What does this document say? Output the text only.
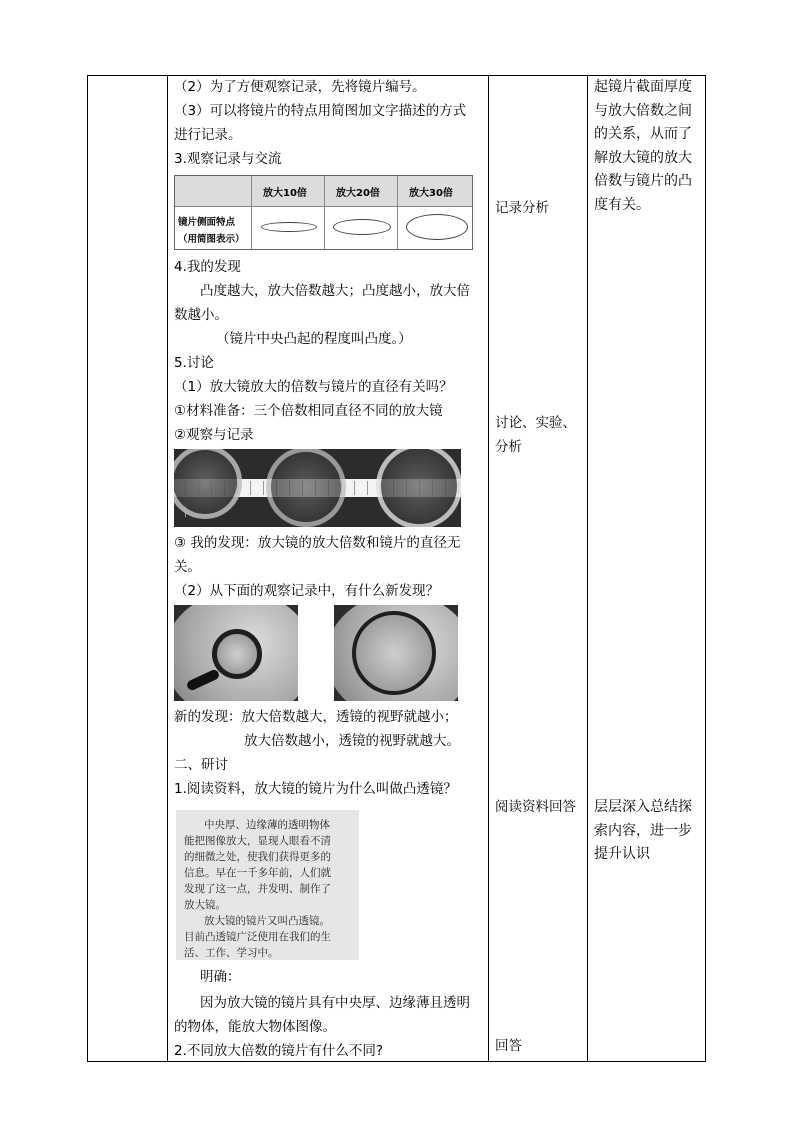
（2）为了方便观察记录，先将镜片编号。
（3）可以将镜片的特点用简图加文字描述的方式
进行记录。
3.观察记录与交流
放大10倍	放大20倍	放大30倍
镜片侧面特点
（用简图表示）
4.我的发现
凸度越大，放大倍数越大；凸度越小，放大倍
数越小。
（镜片中央凸起的程度叫凸度。）
5.讨论
（1）放大镜放大的倍数与镜片的直径有关吗？
①材料准备：三个倍数相同直径不同的放大镜
②观察与记录
③ 我的发现：放大镜的放大倍数和镜片的直径无
关。
（2）从下面的观察记录中，有什么新发现？
新的发现：放大倍数越大，透镜的视野就越小；
放大倍数越小，透镜的视野就越大。
二、研讨
1.阅读资料，放大镜的镜片为什么叫做凸透镜？
中央厚、边缘薄的透明物体
能把图像放大，显现人眼看不清
的细微之处，使我们获得更多的
信息。早在一千多年前，人们就
发现了这一点，并发明、制作了
放大镜。
放大镜的镜片又叫凸透镜。
目前凸透镜广泛使用在我们的生
活、工作、学习中。
明确：
因为放大镜的镜片具有中央厚、边缘薄且透明
的物体，能放大物体图像。
2.不同放大倍数的镜片有什么不同?
记录分析
讨论、实验、
分析
阅读资料回答
回答
起镜片截面厚度与放大倍数之间的关系，从而了解放大镜的放大倍数与镜片的凸度有关。
层层深入总结探索内容，进一步提升认识
